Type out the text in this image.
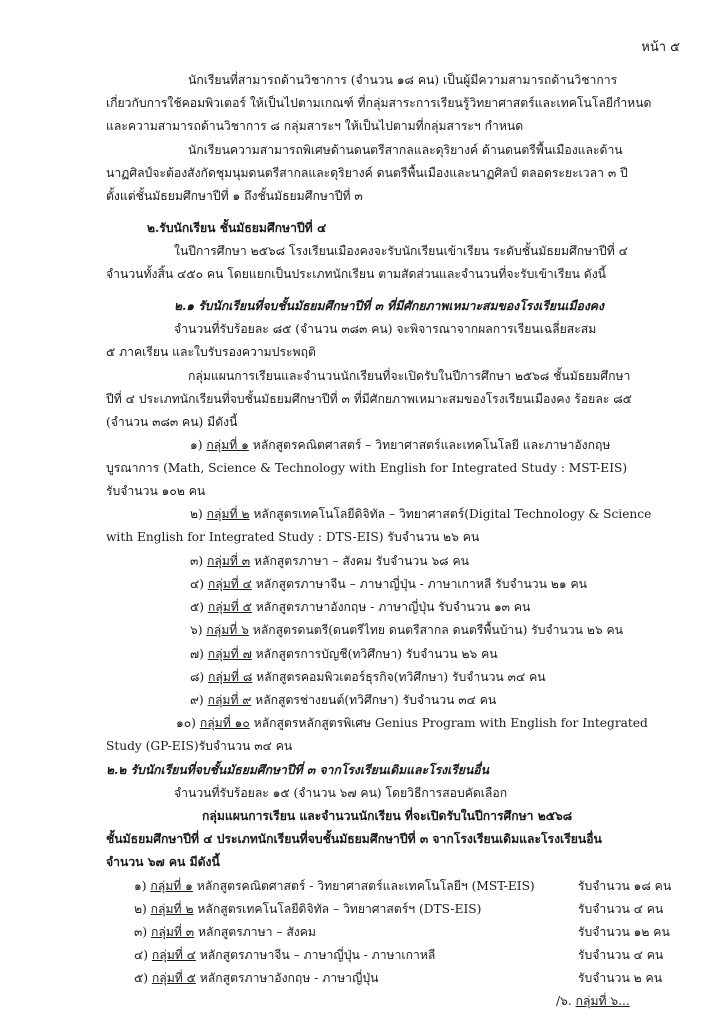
หน้า ๕
นักเรียนที่สามารถด้านวิชาการ (จำนวน ๑๘ คน) เป็นผู้มีความสามารถด้านวิชาการ
เกี่ยวกับการใช้คอมพิวเตอร์ ให้เป็นไปตามเกณฑ์ ที่กลุ่มสาระการเรียนรู้วิทยาศาสตร์และเทคโนโลยีกำหนด
และความสามารถด้านวิชาการ ๘ กลุ่มสาระฯ ให้เป็นไปตามที่กลุ่มสาระฯ กำหนด
นักเรียนความสามารถพิเศษด้านดนตรีสากลและดุริยางค์ ด้านดนตรีพื้นเมืองและด้าน
นาฏศิลป์จะต้องสังกัดชุมนุมดนตรีสากลและดุริยางค์ ดนตรีพื้นเมืองและนาฏศิลป์ ตลอดระยะเวลา ๓ ปี
ตั้งแต่ชั้นมัธยมศึกษาปีที่ ๑ ถึงชั้นมัธยมศึกษาปีที่ ๓
๒.รับนักเรียน ชั้นมัธยมศึกษาปีที่ ๔
ในปีการศึกษา ๒๕๖๘ โรงเรียนเมืองคงจะรับนักเรียนเข้าเรียน ระดับชั้นมัธยมศึกษาปีที่ ๔
จำนวนทั้งสิ้น ๔๕๐ คน โดยแยกเป็นประเภทนักเรียน ตามสัดส่วนและจำนวนที่จะรับเข้าเรียน ดังนี้
๒.๑ รับนักเรียนที่จบชั้นมัธยมศึกษาปีที่ ๓ ที่มีศักยภาพเหมาะสมของโรงเรียนเมืองคง
จำนวนที่รับร้อยละ ๘๕ (จำนวน ๓๘๓ คน) จะพิจารณาจากผลการเรียนเฉลี่ยสะสม
๕ ภาคเรียน และใบรับรองความประพฤติ
กลุ่มแผนการเรียนและจำนวนนักเรียนที่จะเปิดรับในปีการศึกษา ๒๕๖๘ ชั้นมัธยมศึกษา
ปีที่ ๔ ประเภทนักเรียนที่จบชั้นมัธยมศึกษาปีที่ ๓ ที่มีศักยภาพเหมาะสมของโรงเรียนเมืองคง ร้อยละ ๘๕
(จำนวน ๓๘๓ คน) มีดังนี้
๑) กลุ่มที่ ๑ หลักสูตรคณิตศาสตร์ – วิทยาศาสตร์และเทคโนโลยี และภาษาอังกฤษ
บูรณาการ (Math, Science & Technology with English for Integrated Study : MST-EIS)
รับจำนวน ๑๐๒ คน
๒) กลุ่มที่ ๒ หลักสูตรเทคโนโลยีดิจิทัล – วิทยาศาสตร์(Digital Technology & Science
with English for Integrated Study : DTS-EIS) รับจำนวน ๒๖ คน
๓) กลุ่มที่ ๓ หลักสูตรภาษา – สังคม รับจำนวน ๖๘ คน
๔) กลุ่มที่ ๔ หลักสูตรภาษาจีน – ภาษาญี่ปุ่น - ภาษาเกาหลี รับจำนวน ๒๑ คน
๕) กลุ่มที่ ๕ หลักสูตรภาษาอังกฤษ - ภาษาญี่ปุ่น รับจำนวน ๑๓ คน
๖) กลุ่มที่ ๖ หลักสูตรดนตรี(ดนตรีไทย ดนตรีสากล ดนตรีพื้นบ้าน) รับจำนวน ๒๖ คน
๗) กลุ่มที่ ๗ หลักสูตรการบัญชี(ทวิศึกษา) รับจำนวน ๒๖ คน
๘) กลุ่มที่ ๘ หลักสูตรคอมพิวเตอร์ธุรกิจ(ทวิศึกษา) รับจำนวน ๓๔ คน
๙) กลุ่มที่ ๙ หลักสูตรช่างยนต์(ทวิศึกษา) รับจำนวน ๓๔ คน
๑๐) กลุ่มที่ ๑๐ หลักสูตรหลักสูตรพิเศษ Genius Program with English for Integrated
Study (GP-EIS)รับจำนวน ๓๔ คน
๒.๒ รับนักเรียนที่จบชั้นมัธยมศึกษาปีที่ ๓ จากโรงเรียนเดิมและโรงเรียนอื่น
จำนวนที่รับร้อยละ ๑๕ (จำนวน ๖๗ คน) โดยวิธีการสอบคัดเลือก
กลุ่มแผนการเรียน และจำนวนนักเรียน ที่จะเปิดรับในปีการศึกษา ๒๕๖๘
ชั้นมัธยมศึกษาปีที่ ๔ ประเภทนักเรียนที่จบชั้นมัธยมศึกษาปีที่ ๓ จากโรงเรียนเดิมและโรงเรียนอื่น
จำนวน ๖๗ คน มีดังนี้
๑) กลุ่มที่ ๑ หลักสูตรคณิตศาสตร์ - วิทยาศาสตร์และเทคโนโลยีฯ (MST-EIS)	รับจำนวน ๑๘ คน
๒) กลุ่มที่ ๒ หลักสูตรเทคโนโลยีดิจิทัล – วิทยาศาสตร์ฯ (DTS-EIS)	รับจำนวน ๔ คน
๓) กลุ่มที่ ๓ หลักสูตรภาษา – สังคม	รับจำนวน ๑๒ คน
๔) กลุ่มที่ ๔ หลักสูตรภาษาจีน – ภาษาญี่ปุ่น - ภาษาเกาหลี	รับจำนวน ๔ คน
๕) กลุ่มที่ ๕ หลักสูตรภาษาอังกฤษ - ภาษาญี่ปุ่น	รับจำนวน ๒ คน
/๖. กลุ่มที่ ๖...
